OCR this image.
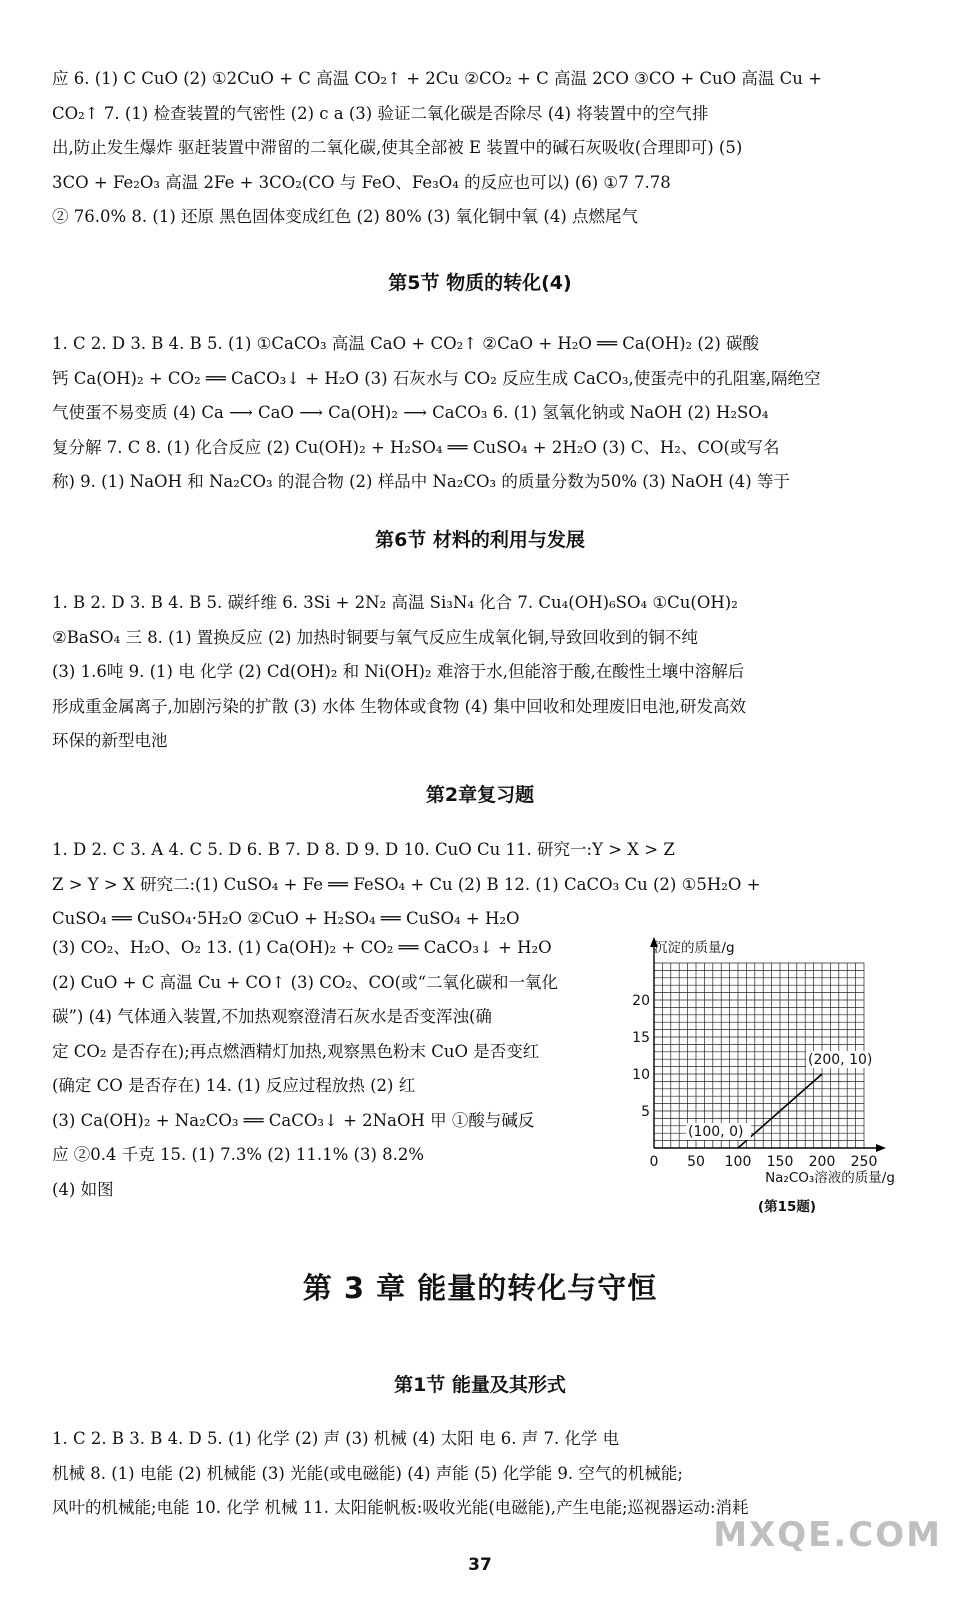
应 6. (1) C CuO (2) ①2CuO + C 高温 CO₂↑ + 2Cu ②CO₂ + C 高温 2CO ③CO + CuO 高温 Cu +
CO₂↑ 7. (1) 检查装置的气密性 (2) c a (3) 验证二氧化碳是否除尽 (4) 将装置中的空气排
出,防止发生爆炸 驱赶装置中滞留的二氧化碳,使其全部被 E 装置中的碱石灰吸收(合理即可) (5)
3CO + Fe₂O₃ 高温 2Fe + 3CO₂(CO 与 FeO、Fe₃O₄ 的反应也可以) (6) ①7 7.78
② 76.0% 8. (1) 还原 黑色固体变成红色 (2) 80% (3) 氧化铜中氧 (4) 点燃尾气
第5节 物质的转化(4)
1. C 2. D 3. B 4. B 5. (1) ①CaCO₃ 高温 CaO + CO₂↑ ②CaO + H₂O ══ Ca(OH)₂ (2) 碳酸
钙 Ca(OH)₂ + CO₂ ══ CaCO₃↓ + H₂O (3) 石灰水与 CO₂ 反应生成 CaCO₃,使蛋壳中的孔阻塞,隔绝空
气使蛋不易变质 (4) Ca ⟶ CaO ⟶ Ca(OH)₂ ⟶ CaCO₃ 6. (1) 氢氧化钠或 NaOH (2) H₂SO₄
复分解 7. C 8. (1) 化合反应 (2) Cu(OH)₂ + H₂SO₄ ══ CuSO₄ + 2H₂O (3) C、H₂、CO(或写名
称) 9. (1) NaOH 和 Na₂CO₃ 的混合物 (2) 样品中 Na₂CO₃ 的质量分数为50% (3) NaOH (4) 等于
第6节 材料的利用与发展
1. B 2. D 3. B 4. B 5. 碳纤维 6. 3Si + 2N₂ 高温 Si₃N₄ 化合 7. Cu₄(OH)₆SO₄ ①Cu(OH)₂
②BaSO₄ 三 8. (1) 置换反应 (2) 加热时铜要与氧气反应生成氧化铜,导致回收到的铜不纯
(3) 1.6吨 9. (1) 电 化学 (2) Cd(OH)₂ 和 Ni(OH)₂ 难溶于水,但能溶于酸,在酸性土壤中溶解后
形成重金属离子,加剧污染的扩散 (3) 水体 生物体或食物 (4) 集中回收和处理废旧电池,研发高效
环保的新型电池
第2章复习题
1. D 2. C 3. A 4. C 5. D 6. B 7. D 8. D 9. D 10. CuO Cu 11. 研究一:Y > X > Z
Z > Y > X 研究二:(1) CuSO₄ + Fe ══ FeSO₄ + Cu (2) B 12. (1) CaCO₃ Cu (2) ①5H₂O +
CuSO₄ ══ CuSO₄·5H₂O ②CuO + H₂SO₄ ══ CuSO₄ + H₂O
(3) CO₂、H₂O、O₂ 13. (1) Ca(OH)₂ + CO₂ ══ CaCO₃↓ + H₂O
(2) CuO + C 高温 Cu + CO↑ (3) CO₂、CO(或“二氧化碳和一氧化
碳”) (4) 气体通入装置,不加热观察澄清石灰水是否变浑浊(确
定 CO₂ 是否存在);再点燃酒精灯加热,观察黑色粉末 CuO 是否变红
(确定 CO 是否存在) 14. (1) 反应过程放热 (2) 红
(3) Ca(OH)₂ + Na₂CO₃ ══ CaCO₃↓ + 2NaOH 甲 ①酸与碱反
应 ②0.4 千克 15. (1) 7.3% (2) 11.1% (3) 8.2%
(4) 如图
0 50 100 150 200 250
5
10
15
20
(100, 0)
(200, 10)
沉淀的质量/g
Na₂CO₃溶液的质量/g
(第15题)
第 3 章 能量的转化与守恒
第1节 能量及其形式
1. C 2. B 3. B 4. D 5. (1) 化学 (2) 声 (3) 机械 (4) 太阳 电 6. 声 7. 化学 电
机械 8. (1) 电能 (2) 机械能 (3) 光能(或电磁能) (4) 声能 (5) 化学能 9. 空气的机械能;
风叶的机械能;电能 10. 化学 机械 11. 太阳能帆板:吸收光能(电磁能),产生电能;巡视器运动:消耗
MXQE.COM
37
